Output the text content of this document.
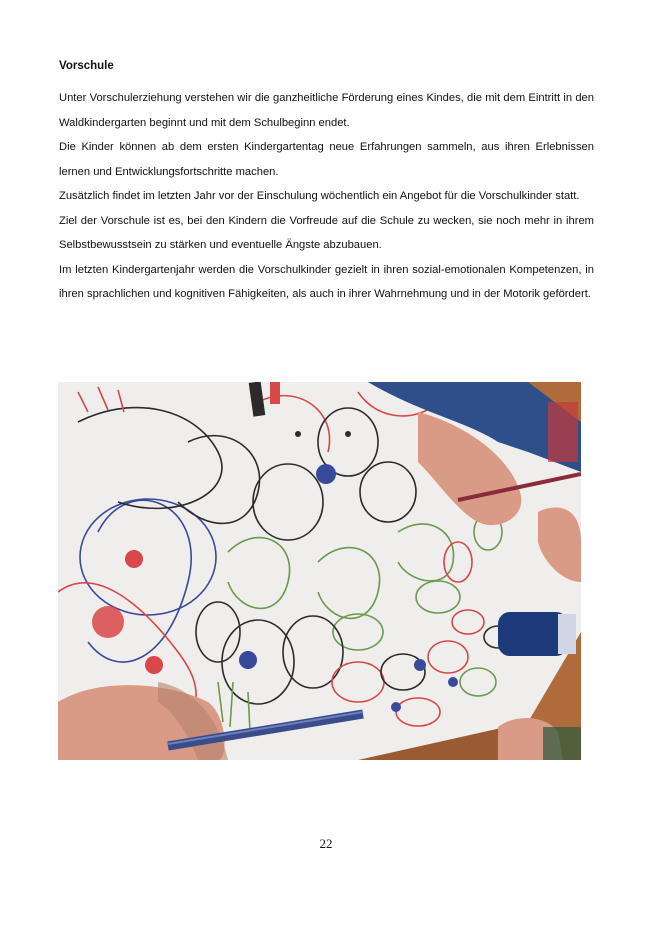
Vorschule

Unter Vorschulerziehung verstehen wir die ganzheitliche Förderung eines Kindes, die mit dem Eintritt in den Waldkindergarten beginnt und mit dem Schulbeginn endet.

Die Kinder können ab dem ersten Kindergartentag neue Erfahrungen sammeln, aus ihren Erlebnissen lernen und Entwicklungsfortschritte machen.

Zusätzlich findet im letzten Jahr vor der Einschulung wöchentlich ein Angebot für die Vorschulkinder statt.

Ziel der Vorschule ist es, bei den Kindern die Vorfreude auf die Schule zu wecken, sie noch mehr in ihrem Selbstbewusstsein zu stärken und eventuelle Ängste abzubauen.

Im letzten Kindergartenjahr werden die Vorschulkinder gezielt in ihren sozial-emotionalen Kompetenzen, in ihren sprachlichen und kognitiven Fähigkeiten, als auch in ihrer Wahrnehmung und in der Motorik gefördert.

22
